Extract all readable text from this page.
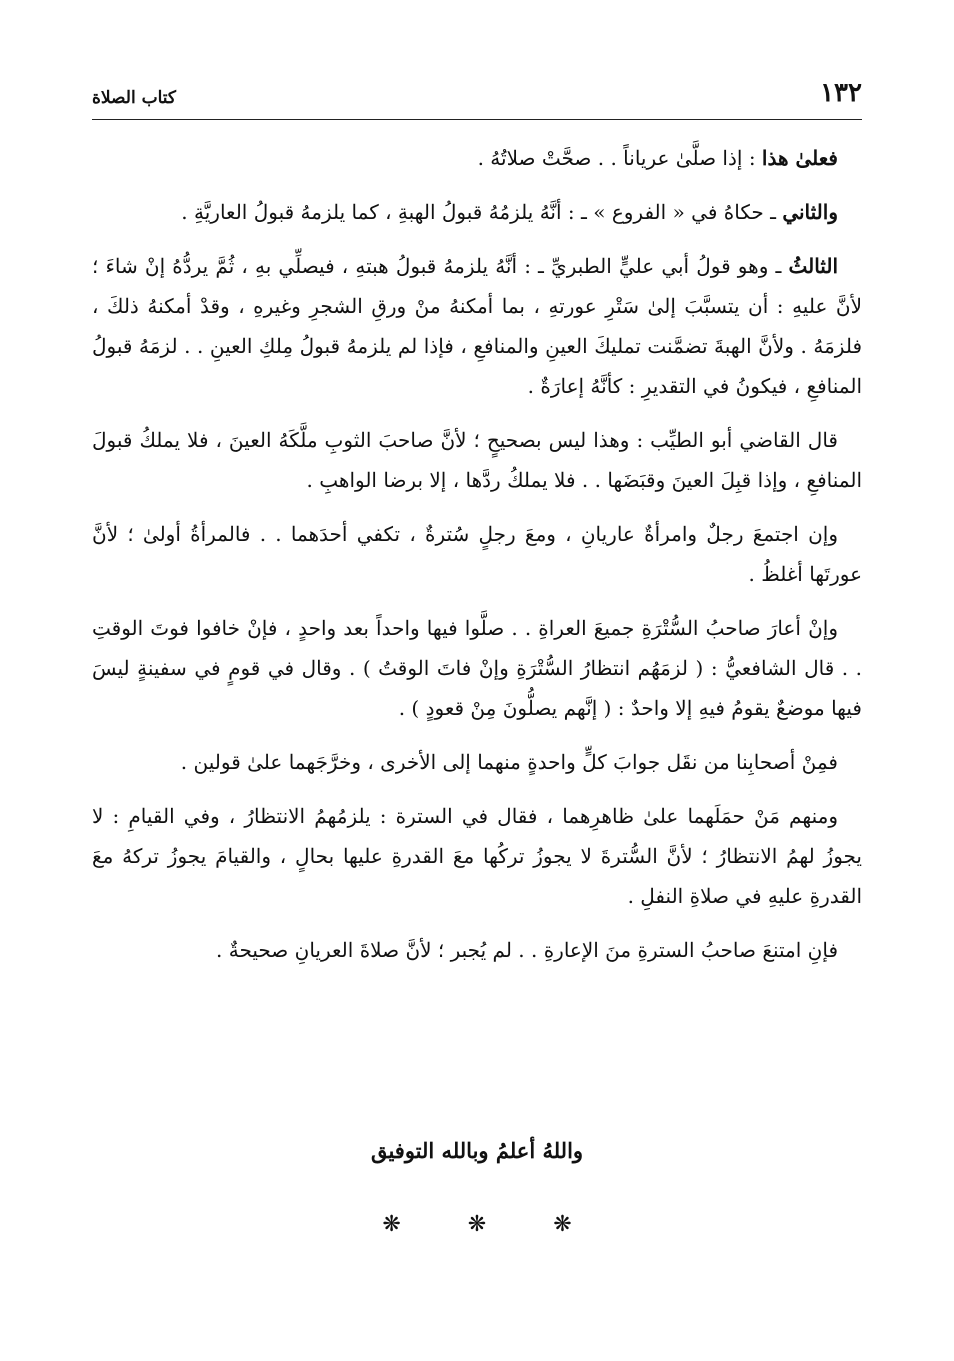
١٣٢
كتاب الصلاة

فعلىٰ هذا : إذا صلَّىٰ عرياناً . . صحَّتْ صلاتُهُ .

والثاني ـ حكاهُ في « الفروع » ـ : أنَّهُ يلزمُهُ قبولُ الهبةِ ، كما يلزمهُ قبولُ العاريَّةِ .

الثالثُ ـ وهو قولُ أبي عليٍّ الطبريِّ ـ : أنَّهُ يلزمهُ قبولُ هبتهِ ، فيصلِّي بهِ ، ثُمَّ يردُّهُ إنْ شاءَ ؛ لأنَّ عليهِ : أن يتسبَّبَ إلىٰ سَتْرِ عورتهِ ، بما أمكنهُ منْ ورقِ الشجرِ وغيرهِ ، وقدْ أمكنهُ ذلكَ ، فلزمَهُ . ولأنَّ الهبةَ تضمَّنت تمليكَ العينِ والمنافعِ ، فإذا لم يلزمهُ قبولُ مِلكِ العينِ . . لزمَهُ قبولُ المنافعِ ، فيكونُ في التقديرِ : كأنَّهُ إعارَةٌ .

قال القاضي أبو الطيِّب : وهذا ليس بصحيحٍ ؛ لأنَّ صاحبَ الثوبِ ملَّكَهُ العينَ ، فلا يملكُ قبولَ المنافعِ ، وإذا قبِلَ العينَ وقبَضَها . . فلا يملكُ ردَّها ، إلا برضا الواهبِ .

وإن اجتمعَ رجلٌ وامرأةٌ عاريانِ ، ومعَ رجلٍ سُترةٌ ، تكفي أحدَهما . . فالمرأةُ أولىٰ ؛ لأنَّ عورتَها أغلظُ .

وإنْ أعارَ صاحبُ السُّتْرَةِ جميعَ العراةِ . . صلَّوا فيها واحداً بعد واحدٍ ، فإنْ خافوا فوتَ الوقتِ . . قال الشافعيُّ : ( لزمَهُم انتظارُ السُّتْرَةِ وإنْ فاتَ الوقتُ ) . وقال في قومٍ في سفينةٍ ليسَ فيها موضعٌ يقومُ فيهِ إلا واحدٌ : ( إنَّهم يصلُّونَ مِنْ قعودٍ ) .

فمِنْ أصحابِنا من نقَل جوابَ كلٍّ واحدةٍ منهما إلى الأخرى ، وخرَّجَهما علىٰ قولين .

ومنهم مَنْ حمَلَهما علىٰ ظاهرِهما ، فقال في السترة : يلزمُهمُ الانتظارُ ، وفي القيامِ : لا يجوزُ لهمُ الانتظارُ ؛ لأنَّ السُّترةَ لا يجوزُ تركُها معَ القدرةِ عليها بحالٍ ، والقيامَ يجوزُ تركهُ معَ القدرةِ عليهِ في صلاةِ النفلِ .

فإنِ امتنعَ صاحبُ السترةِ منَ الإعارةِ . . لم يُجبر ؛ لأنَّ صلاةَ العريانِ صحيحةٌ .

واللهُ أعلمُ وبالله التوفيق
❋ ❋ ❋
